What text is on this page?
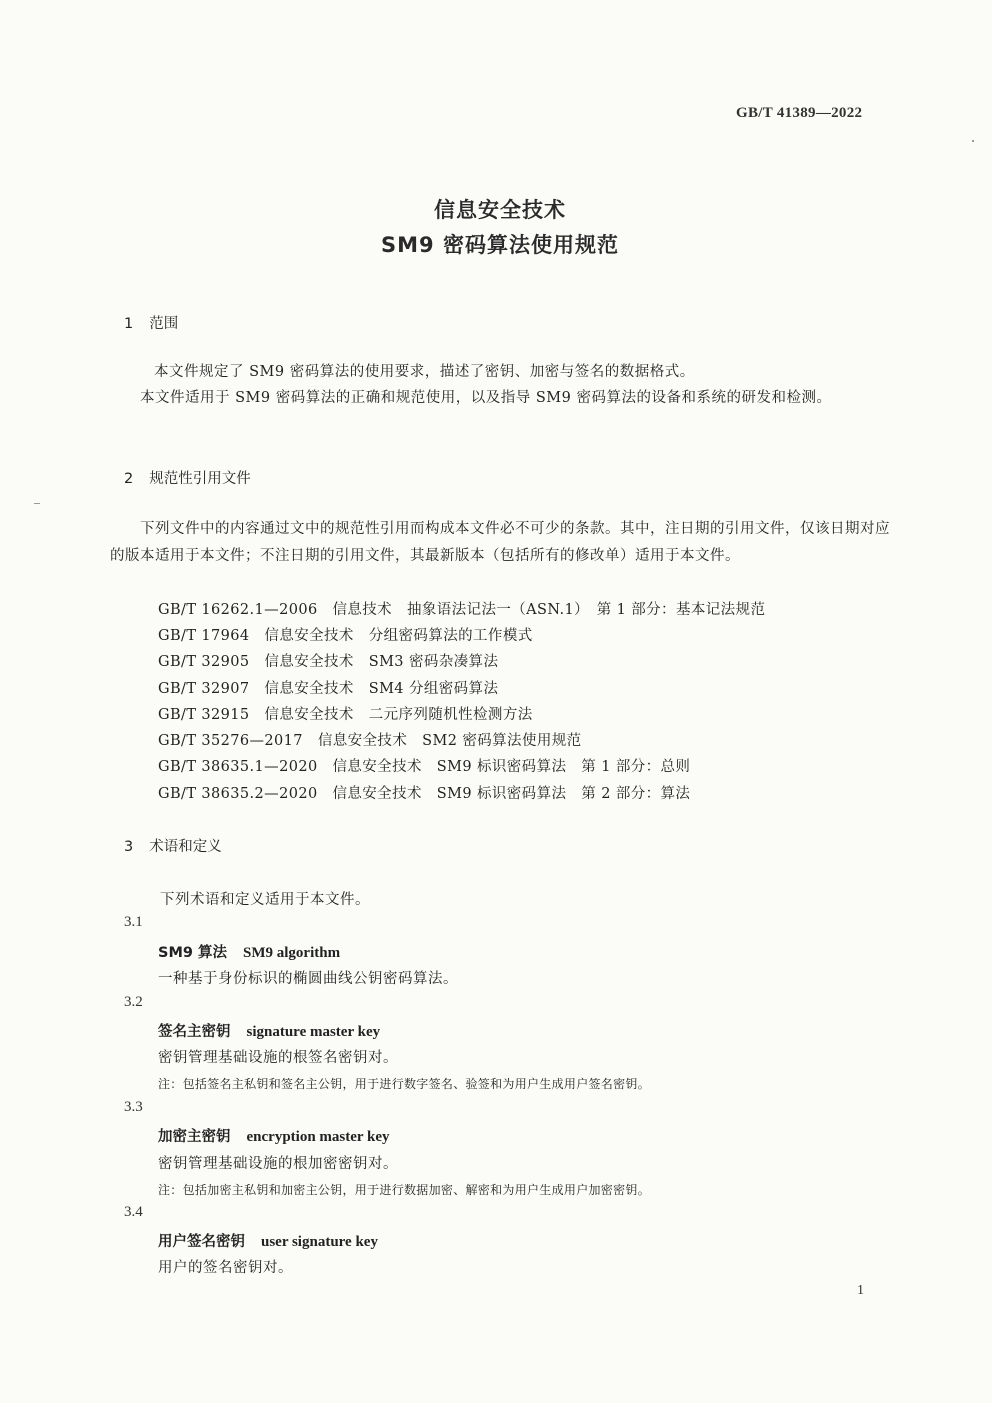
GB/T 41389—2022
信息安全技术
SM9 密码算法使用规范
1 范围
本文件规定了 SM9 密码算法的使用要求，描述了密钥、加密与签名的数据格式。
本文件适用于 SM9 密码算法的正确和规范使用，以及指导 SM9 密码算法的设备和系统的研发和检测。
2 规范性引用文件
下列文件中的内容通过文中的规范性引用而构成本文件必不可少的条款。其中，注日期的引用文件，仅该日期对应的版本适用于本文件；不注日期的引用文件，其最新版本（包括所有的修改单）适用于本文件。
GB/T 16262.1—2006　信息技术　抽象语法记法一（ASN.1）　第 1 部分：基本记法规范
GB/T 17964　信息安全技术　分组密码算法的工作模式
GB/T 32905　信息安全技术　SM3 密码杂凑算法
GB/T 32907　信息安全技术　SM4 分组密码算法
GB/T 32915　信息安全技术　二元序列随机性检测方法
GB/T 35276—2017　信息安全技术　SM2 密码算法使用规范
GB/T 38635.1—2020　信息安全技术　SM9 标识密码算法　第 1 部分：总则
GB/T 38635.2—2020　信息安全技术　SM9 标识密码算法　第 2 部分：算法
3 术语和定义
下列术语和定义适用于本文件。
3.1
SM9 算法 SM9 algorithm
一种基于身份标识的椭圆曲线公钥密码算法。
3.2
签名主密钥 signature master key
密钥管理基础设施的根签名密钥对。
注：包括签名主私钥和签名主公钥，用于进行数字签名、验签和为用户生成用户签名密钥。
3.3
加密主密钥 encryption master key
密钥管理基础设施的根加密密钥对。
注：包括加密主私钥和加密主公钥，用于进行数据加密、解密和为用户生成用户加密密钥。
3.4
用户签名密钥 user signature key
用户的签名密钥对。
1
